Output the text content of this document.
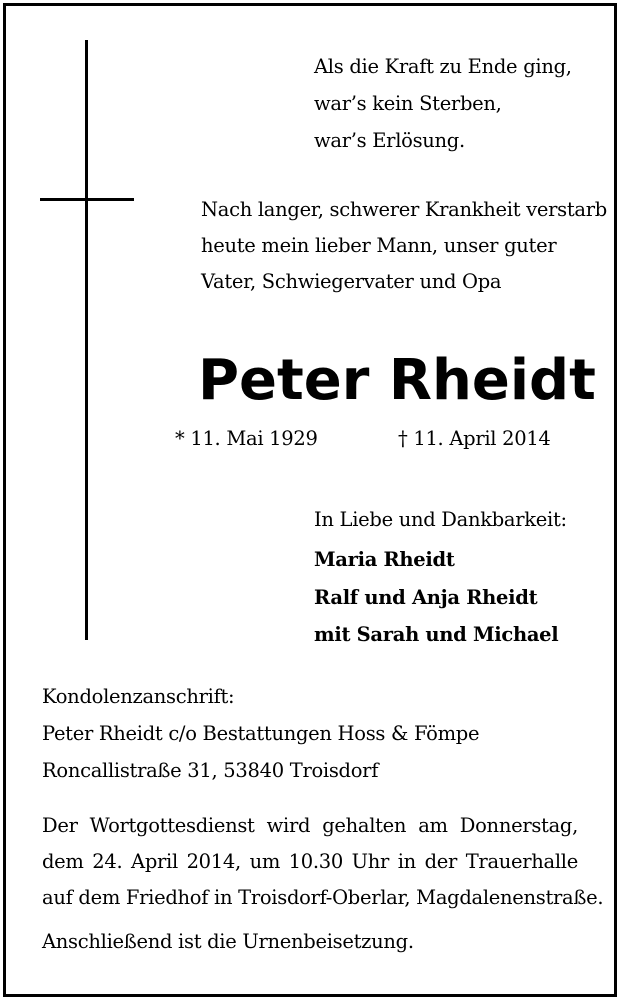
Als die Kraft zu Ende ging,
war’s kein Sterben,
war’s Erlösung.
Nach langer, schwerer Krankheit verstarb
heute mein lieber Mann, unser guter
Vater, Schwiegervater und Opa
Peter Rheidt
* 11. Mai 1929	† 11. April 2014
In Liebe und Dankbarkeit:
Maria Rheidt
Ralf und Anja Rheidt
mit Sarah und Michael
Kondolenzanschrift:
Peter Rheidt c/o Bestattungen Hoss & Fömpe
Roncallistraße 31, 53840 Troisdorf
Der Wortgottesdienst wird gehalten am Donnerstag,
dem 24. April 2014, um 10.30 Uhr in der Trauerhalle
auf dem Friedhof in Troisdorf-Oberlar, Magdalenenstraße.
Anschließend ist die Urnenbeisetzung.
